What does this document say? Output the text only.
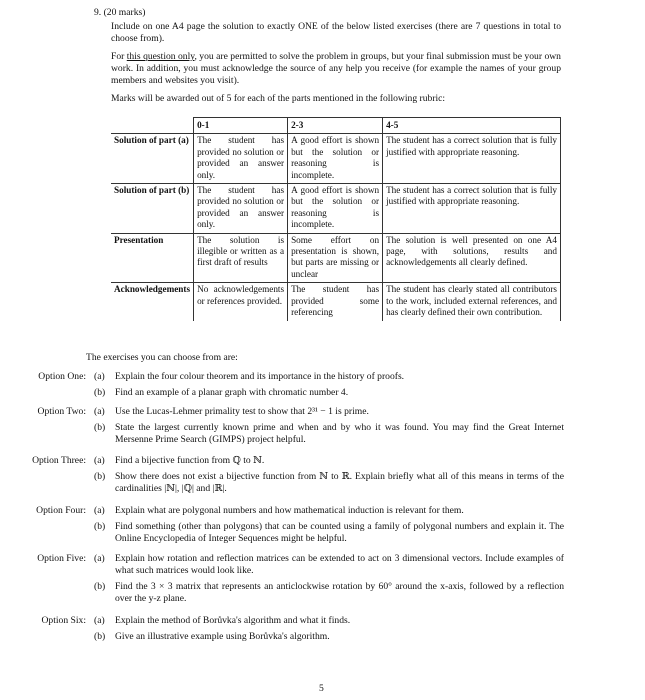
9. (20 marks)
Include on one A4 page the solution to exactly ONE of the below listed exercises (there are 7 questions in total to choose from).
For this question only, you are permitted to solve the problem in groups, but your final submission must be your own work. In addition, you must acknowledge the source of any help you receive (for example the names of your group members and websites you visit).
Marks will be awarded out of 5 for each of the parts mentioned in the following rubric:
	0-1	2-3	4-5
Solution of part (a)	The student has provided no solution or provided an answer only.	A good effort is shown but the solution or reasoning is incomplete.	The student has a correct solution that is fully justified with appropriate reasoning.
Solution of part (b)	The student has provided no solution or provided an answer only.	A good effort is shown but the solution or reasoning is incomplete.	The student has a correct solution that is fully justified with appropriate reasoning.
Presentation	The solution is illegible or written as a first draft of results	Some effort on presentation is shown, but parts are missing or unclear	The solution is well presented on one A4 page, with solutions, results and acknowledgements all clearly defined.
Acknowledgements	No acknowledgements or references provided.	The student has provided some referencing	The student has clearly stated all contributors to the work, included external references, and has clearly defined their own contribution.
The exercises you can choose from are:
Option One: (a) Explain the four colour theorem and its importance in the history of proofs.
(b) Find an example of a planar graph with chromatic number 4.
Option Two: (a) Use the Lucas-Lehmer primality test to show that 2³¹ − 1 is prime.
(b) State the largest currently known prime and when and by who it was found. You may find the Great Internet Mersenne Prime Search (GIMPS) project helpful.
Option Three: (a) Find a bijective function from ℚ to ℕ.
(b) Show there does not exist a bijective function from ℕ to ℝ. Explain briefly what all of this means in terms of the cardinalities |ℕ|, |ℚ| and |ℝ|.
Option Four: (a) Explain what are polygonal numbers and how mathematical induction is relevant for them.
(b) Find something (other than polygons) that can be counted using a family of polygonal numbers and explain it. The Online Encyclopedia of Integer Sequences might be helpful.
Option Five: (a) Explain how rotation and reflection matrices can be extended to act on 3 dimensional vectors. Include examples of what such matrices would look like.
(b) Find the 3 × 3 matrix that represents an anticlockwise rotation by 60° around the x-axis, followed by a reflection over the y-z plane.
Option Six: (a) Explain the method of Borůvka's algorithm and what it finds.
(b) Give an illustrative example using Borůvka's algorithm.
5
